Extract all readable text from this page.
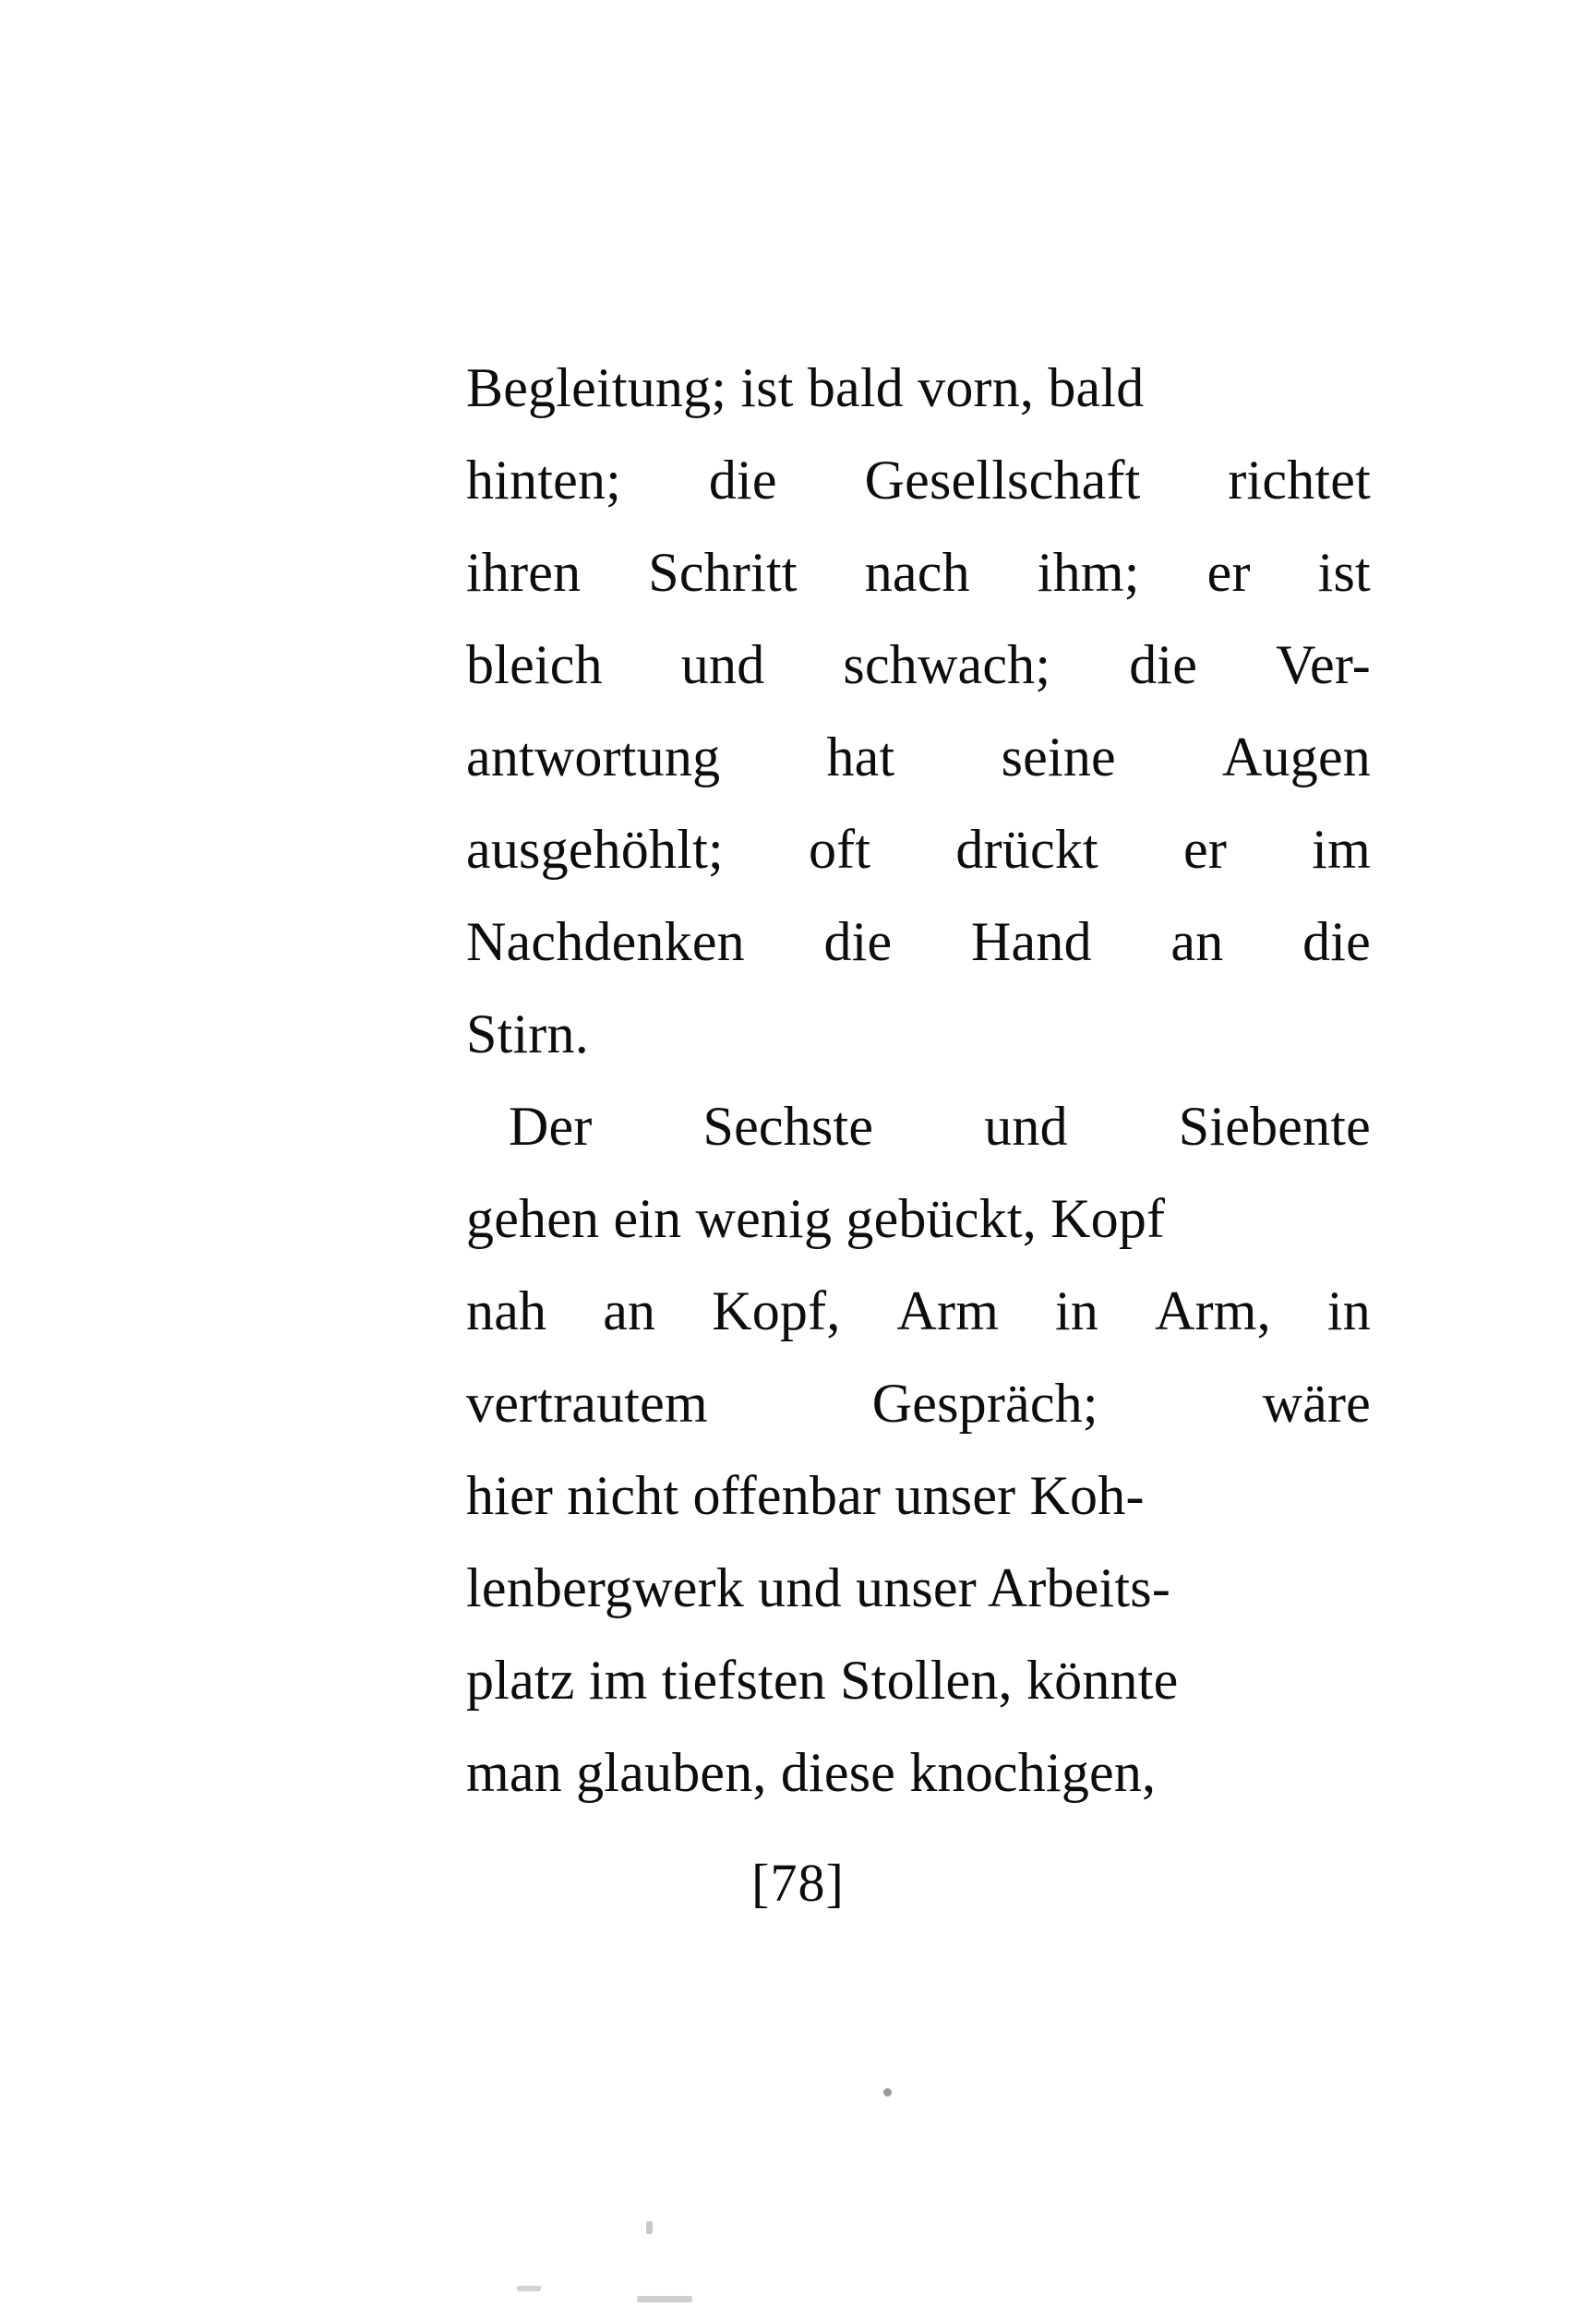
Begleitung; ist bald vorn, bald
hinten; die Gesellschaft richtet
ihren Schritt nach ihm; er ist
bleich und schwach; die Ver-
antwortung hat seine Augen
ausgehöhlt; oft drückt er im
Nachdenken die Hand an die
Stirn.

Der Sechste und Siebente
gehen ein wenig gebückt, Kopf
nah an Kopf, Arm in Arm, in
vertrautem	Gespräch;	wäre
hier nicht offenbar unser Koh-
lenbergwerk und unser Arbeits-
platz im tiefsten Stollen, könnte
man glauben, diese knochigen,

[78]
